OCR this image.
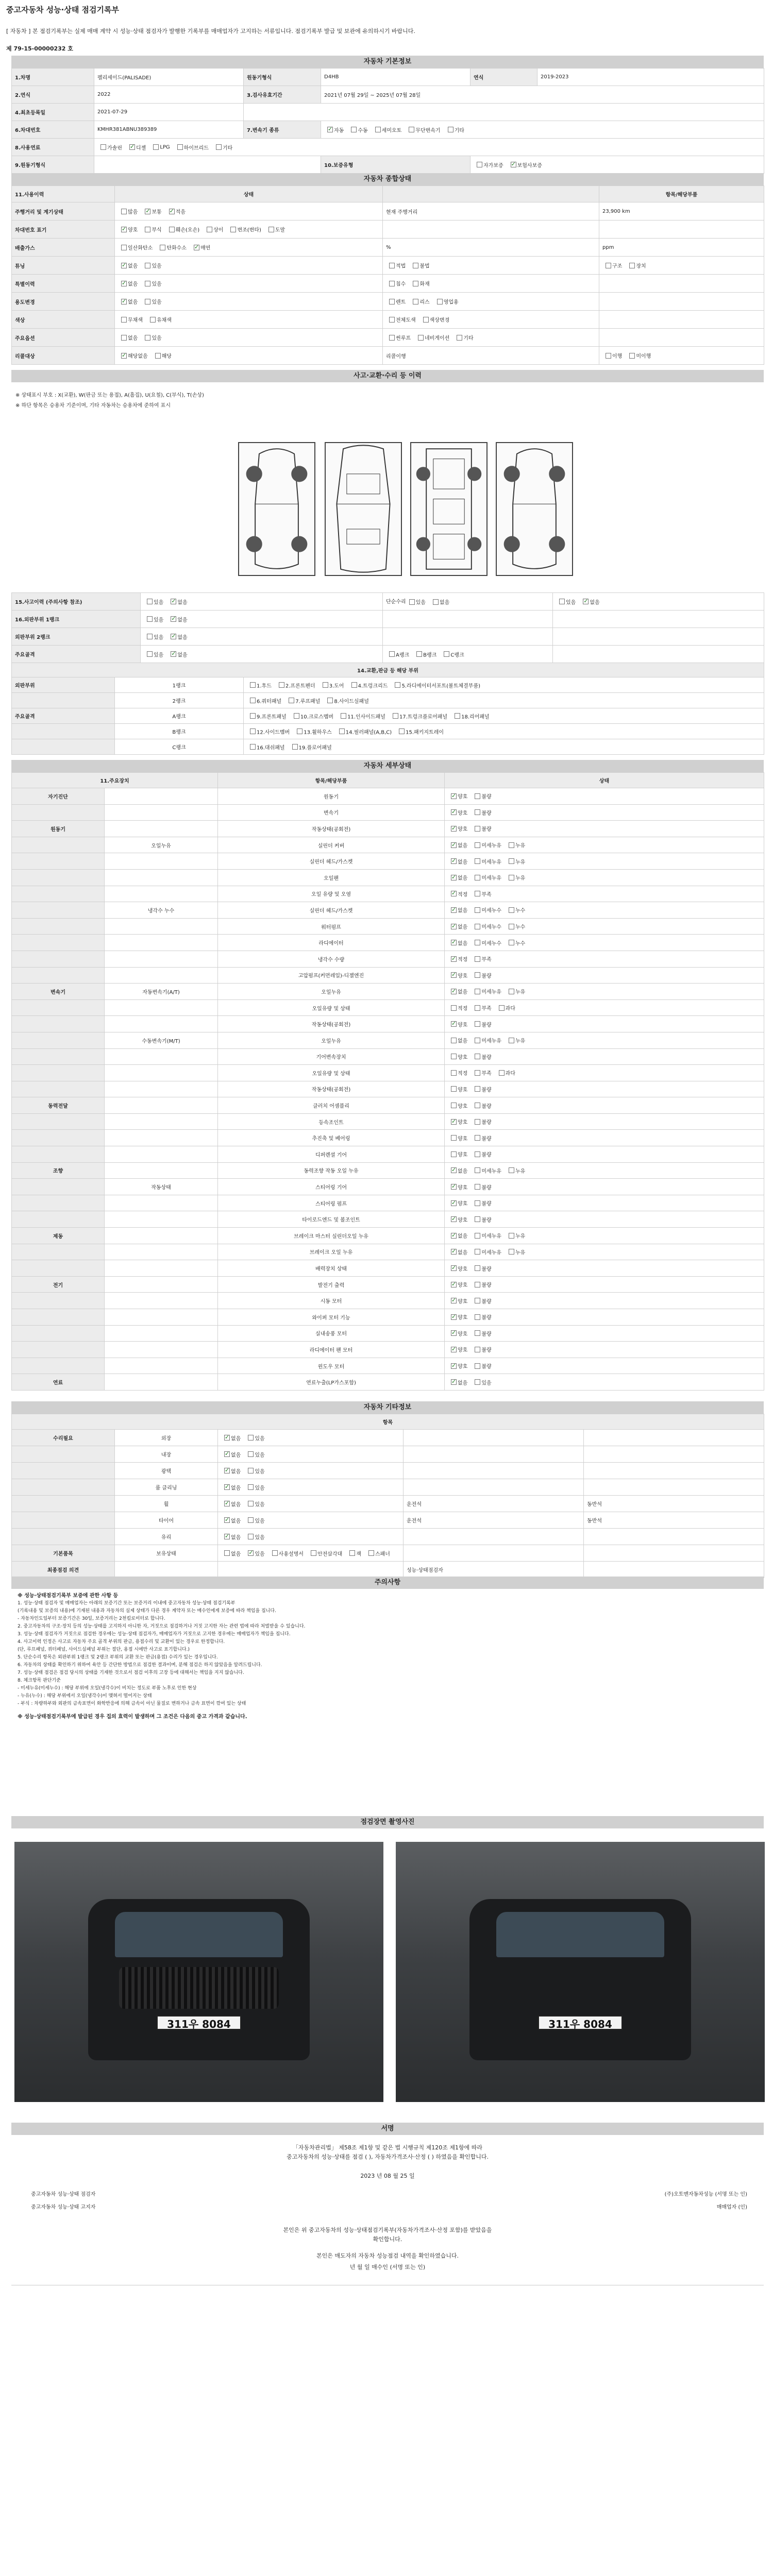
중고자동차 성능·상태 점검기록부
[ 자동차 ] 본 점검기록부는 실제 매매 계약 시 성능·상태 점검자가 발행한 기록부를 매매업자가 고지하는 서류입니다. 점검기록부 발급 및 보관에 유의하시기 바랍니다.
제 79-15-00000232 호
자동차 기본정보
1.차명	펠리세이드(PALISADE)	원동기형식	D4HB	연식	2019-2023
2.연식	2022	3.검사유효기간	2021년 07월 29일 ~ 2025년 07월 28일		
4.최초등록일	2021-07-29				
6.차대번호	KMHR381ABNU389389	7.변속기 종류	✓자동 수동 세미오토 무단변속기 기타
8.사용연료	가솔린 ✓ 디젤 LPG 하이브리드 기타
9.원동기형식			10.보증유형	자가보증 ✓ 보험사보증
자동차 종합상태
11.사용이력	상태		항목/해당부품
주행거리 및 계기상태	많음 ✓ 보통 ✓ 적음	현재 주행거리	23,900 km
차대번호 표기	✓양호 부식 훼손(오손) 상이 변조(변타) 도말		
배출가스	일산화탄소 탄화수소 ✓ 매연	%	ppm
튜닝	✓없음 있음	적법 불법	구조 장치
특별이력	✓없음 있음	침수 화재	
용도변경	✓없음 있음	렌트 리스 영업용	
색상	무채색 유채색	전체도색 색상변경	
주요옵션	없음 있음	썬루프 네비게이션 기타	
리콜대상	✓해당없음 해당	리콜이행	이행 미이행
사고·교환·수리 등 이력
※ 상태표시 부호 : X(교환), W(판금 또는 용접), A(흠집), U(요철), C(부식), T(손상)
※ 하단 항목은 승용차 기준이며, 기타 자동차는 승용차에 준하여 표시
15.사고이력 (주의사항 참조)	있음 ✓ 없음	단순수리 있음 없음	있음 ✓ 없음
16.외판부위 1랭크	있음 ✓ 없음		
외판부위 2랭크	있음 ✓ 없음		
주요골격	있음 ✓ 없음	A랭크 B랭크 C랭크	
14.교환,판금 등 해당 부위		
외판부위	1랭크	1.후드 2.프론트펜더 3.도어 4.트렁크리드 5.라디에이터서포트(볼트체결부품)
	2랭크	6.쿼터패널 7.루프패널 8.사이드실패널
주요골격	A랭크	9.프론트패널 10.크로스멤버 11.인사이드패널 17.트렁크플로어패널 18.리어패널
	B랭크	12.사이드멤버 13.휠하우스 14.필러패널(A,B,C) 15.패키지트레이
	C랭크	16.대쉬패널 19.플로어패널
자동차 세부상태
11.주요장치		항목/해당부품	상태
자기진단		원동기	✓양호 불량
		변속기	✓양호 불량
원동기		작동상태(공회전)	✓양호 불량
	오일누유	실린더 커버	✓없음 미세누유 누유
		실린더 헤드/가스켓	✓없음 미세누유 누유
		오일팬	✓없음 미세누유 누유
		오일 유량 및 오염	✓적정 부족
	냉각수 누수	실린더 헤드/가스켓	✓없음 미세누수 누수
		워터펌프	✓없음 미세누수 누수
		라디에이터	✓없음 미세누수 누수
		냉각수 수량	✓적정 부족
		고압펌프(커먼레일)-디젤엔진	✓양호 불량
변속기	자동변속기(A/T)	오일누유	✓없음 미세누유 누유
		오일유량 및 상태	적정 부족 과다
		작동상태(공회전)	✓양호 불량
	수동변속기(M/T)	오일누유	없음 미세누유 누유
		기어변속장치	양호 불량
		오일유량 및 상태	적정 부족 과다
		작동상태(공회전)	양호 불량
동력전달		클러치 어셈블리	양호 불량
		등속조인트	✓양호 불량
		추진축 및 베어링	양호 불량
		디퍼렌셜 기어	양호 불량
조향		동력조향 작동 오일 누유	✓없음 미세누유 누유
	작동상태	스티어링 기어	✓양호 불량
		스티어링 펌프	✓양호 불량
		타이로드엔드 및 볼조인트	✓양호 불량
제동		브레이크 마스터 실린더오일 누유	✓없음 미세누유 누유
		브레이크 오일 누유	✓없음 미세누유 누유
		배력장치 상태	✓양호 불량
전기		발전기 출력	✓양호 불량
		시동 모터	✓양호 불량
		와이퍼 모터 기능	✓양호 불량
		실내송풍 모터	✓양호 불량
		라디에이터 팬 모터	✓양호 불량
		윈도우 모터	✓양호 불량
연료		연료누출(LP가스포함)	✓없음 있음
자동차 기타정보
항목				
수리필요	외장	✓없음 있음		
	내장	✓없음 있음		
	광택	✓없음 있음		
	룸 클리닝	✓없음 있음		
	휠	✓없음 있음	운전석	동반석
	타이어	✓없음 있음	운전석	동반석
	유리	✓없음 있음		
기본품목	보유상태	없음 ✓ 있음 사용설명서 안전삼각대 잭 스패너		
최종점검 의견			성능·상태점검자	
주의사항
※ 성능·상태점검기록부 보증에 관한 사항 등
1. 성능·상태 점검자 및 매매업자는 아래의 보증기간 또는 보증거리 이내에 중고자동차 성능·상태 점검기록부
(기록내용 및 보증의 내용)에 기재된 내용과 자동차의 실제 상태가 다른 경우 계약자 또는 매수인에게 보증에 따라 책임을 집니다.
- 자동차인도일부터 보증기간은 30일, 보증거리는 2천킬로미터로 합니다.
2. 중고자동차의 구조·장치 등의 성능·상태를 고지하지 아니한 자, 거짓으로 점검하거나 거짓 고지한 자는 관련 법에 따라 처벌받을 수 있습니다.
3. 성능·상태 점검자가 거짓으로 점검한 경우에는 성능·상태 점검자가, 매매업자가 거짓으로 고지한 경우에는 매매업자가 책임을 집니다.
4. 사고이력 인정은 사고로 자동차 주요 골격 부위의 판금, 용접수리 및 교환이 있는 경우로 한정합니다.
(단, 루프패널, 쿼터패널, 사이드실패널 부위는 절단, 용접 시에만 사고로 표기합니다.)
5. 단순수리 항목은 외판부위 1랭크 및 2랭크 부위의 교환 또는 판금(용접) 수리가 있는 경우입니다.
6. 자동차의 상태를 확인하기 위하여 육안 등 간단한 방법으로 점검한 결과이며, 분해 점검은 하지 않았음을 알려드립니다.
7. 성능·상태 점검은 점검 당시의 상태를 기재한 것으로서 점검 이후의 고장 등에 대해서는 책임을 지지 않습니다.
8. 체크항목 판단기준
- 미세누유(미세누수) : 해당 부위에 오일(냉각수)이 비치는 정도로 부품 노후로 인한 현상
- 누유(누수) : 해당 부위에서 오일(냉각수)이 맺혀서 떨어지는 상태
- 부식 : 차량하부와 외판의 금속표면이 화학반응에 의해 금속이 아닌 물질로 변하거나 금속 표면이 깎여 있는 상태
※ 성능·상태점검기록부에 발급된 경우 집의 효력이 발생하며 그 조건은 다음의 중고 가격과 같습니다.
점검장면 촬영사진
311우 8084	311우 8084
서명
「자동차관리법」 제58조 제1항 및 같은 법 시행규칙 제120조 제1항에 따라
중고자동차의 성능·상태를 점검 ( ), 자동차가격조사·산정 ( ) 하였음을 확인합니다.
2023 년 08 월 25 일
중고자동차 성능·상태 점검자	(주)오토맨자동차성능 (서명 또는 인)
중고자동차 성능·상태 고지자	매매업자 (인)
본인은 위 중고자동차의 성능·상태점검기록부(자동차가격조사·산정 포함)를 받았음을
확인합니다.
본인은 매도자의 자동차 성능점검 내역을 확인하였습니다.
년 월 일 매수인 (서명 또는 인)
